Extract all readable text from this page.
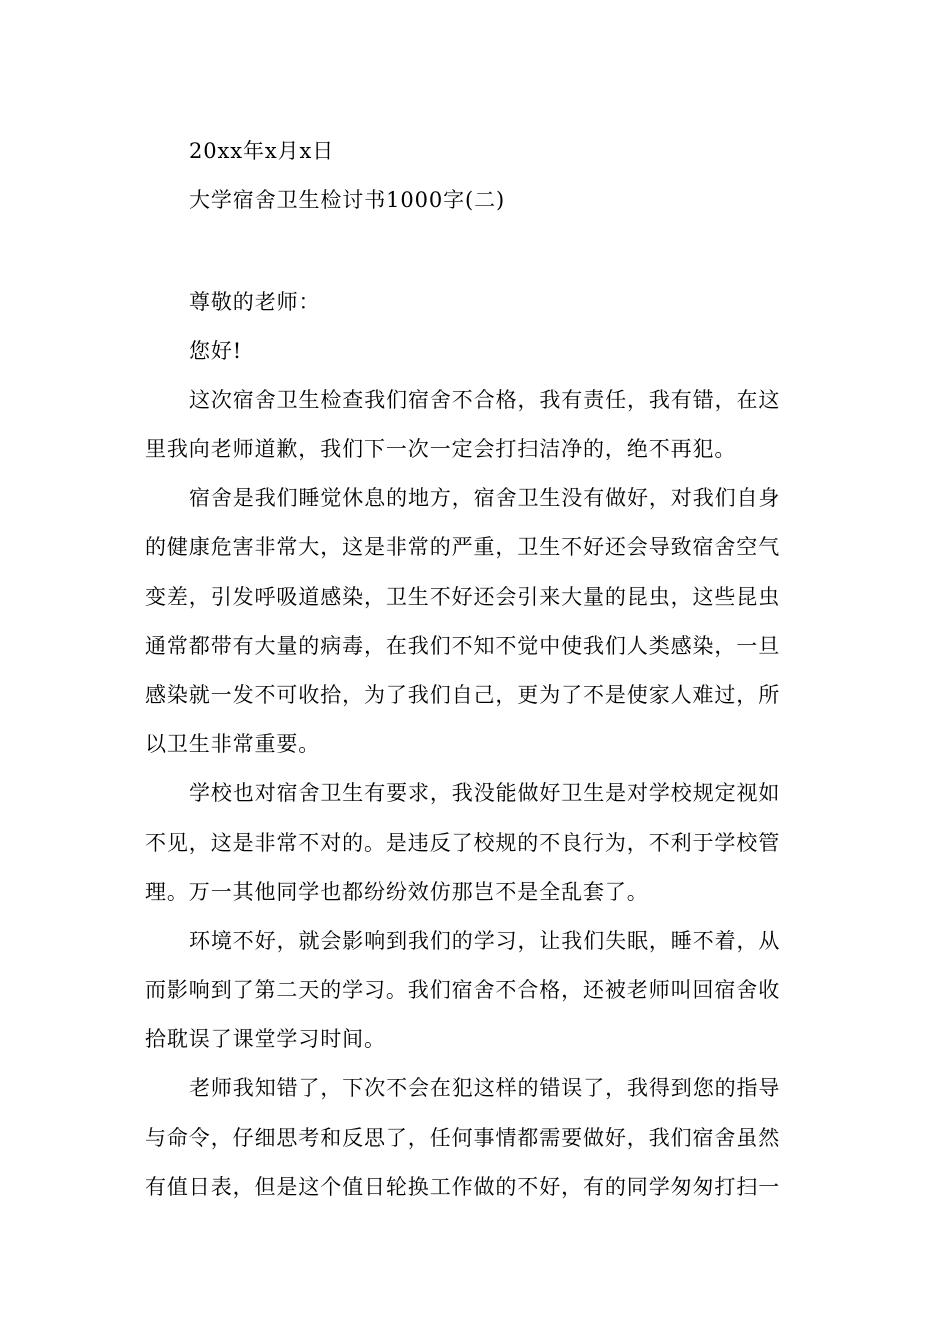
20xx年x月x日
大学宿舍卫生检讨书1000字(二)
尊敬的老师：
您好!
这次宿舍卫生检查我们宿舍不合格，我有责任，我有错，在这
里我向老师道歉，我们下一次一定会打扫洁净的，绝不再犯。
宿舍是我们睡觉休息的地方，宿舍卫生没有做好，对我们自身
的健康危害非常大，这是非常的严重，卫生不好还会导致宿舍空气
变差，引发呼吸道感染，卫生不好还会引来大量的昆虫，这些昆虫
通常都带有大量的病毒，在我们不知不觉中使我们人类感染，一旦
感染就一发不可收拾，为了我们自己，更为了不是使家人难过，所
以卫生非常重要。
学校也对宿舍卫生有要求，我没能做好卫生是对学校规定视如
不见，这是非常不对的。是违反了校规的不良行为，不利于学校管
理。万一其他同学也都纷纷效仿那岂不是全乱套了。
环境不好，就会影响到我们的学习，让我们失眠，睡不着，从
而影响到了第二天的学习。我们宿舍不合格，还被老师叫回宿舍收
拾耽误了课堂学习时间。
老师我知错了，下次不会在犯这样的错误了，我得到您的指导
与命令，仔细思考和反思了，任何事情都需要做好，我们宿舍虽然
有值日表，但是这个值日轮换工作做的不好，有的同学匆匆打扫一
